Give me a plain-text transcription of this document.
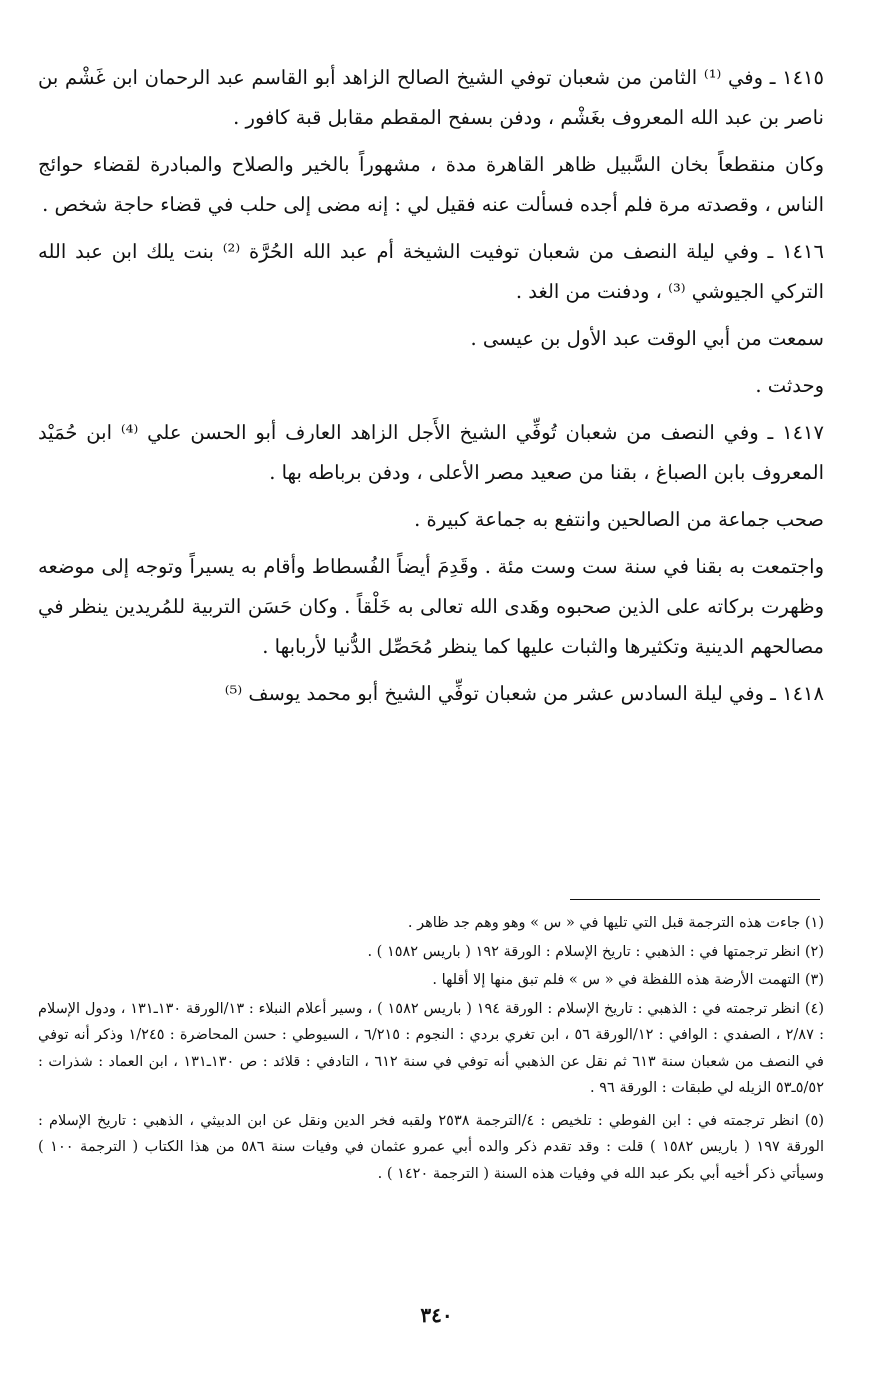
١٤١٥ ـ وفي ⁽¹⁾ الثامن من شعبان توفي الشيخ الصالح الزاهد أبو القاسم عبد الرحمان ابن غَشْم بن ناصر بن عبد الله المعروف بغَشْم ، ودفن بسفح المقطم مقابل قبة كافور .

وكان منقطعاً بخان السَّبيل ظاهر القاهرة مدة ، مشهوراً بالخير والصلاح والمبادرة لقضاء حوائج الناس ، وقصدته مرة فلم أجده فسألت عنه فقيل لي : إنه مضى إلى حلب في قضاء حاجة شخص .

١٤١٦ ـ وفي ليلة النصف من شعبان توفيت الشيخة أم عبد الله الحُرَّة ⁽²⁾ بنت يلك ابن عبد الله التركي الجيوشي ⁽³⁾ ، ودفنت من الغد .

سمعت من أبي الوقت عبد الأول بن عيسى .

وحدثت .

١٤١٧ ـ وفي النصف من شعبان تُوفِّي الشيخ الأَجل الزاهد العارف أبو الحسن علي ⁽⁴⁾ ابن حُمَيْد المعروف بابن الصباغ ، بقنا من صعيد مصر الأعلى ، ودفن برباطه بها .

صحب جماعة من الصالحين وانتفع به جماعة كبيرة .

واجتمعت به بقنا في سنة ست وست مئة . وقَدِمَ أيضاً الفُسطاط وأقام به يسيراً وتوجه إلى موضعه وظهرت بركاته على الذين صحبوه وهَدى الله تعالى به خَلْقاً . وكان حَسَن التربية للمُريدين ينظر في مصالحهم الدينية وتكثيرها والثبات عليها كما ينظر مُحَصِّل الدُّنيا لأربابها .

١٤١٨ ـ وفي ليلة السادس عشر من شعبان توفِّي الشيخ أبو محمد يوسف ⁽⁵⁾

(١) جاءت هذه الترجمة قبل التي تليها في « س » وهو وهم جد ظاهر .

(٢) انظر ترجمتها في : الذهبي : تاريخ الإسلام : الورقة ١٩٢ ( باريس ١٥٨٢ ) .

(٣) التهمت الأرضة هذه اللفظة في « س » فلم تبق منها إلا أقلها .

(٤) انظر ترجمته في : الذهبي : تاريخ الإسلام : الورقة ١٩٤ ( باريس ١٥٨٢ ) ، وسير أعلام النبلاء : ١٣/الورقة ١٣٠ـ١٣١ ، ودول الإسلام : ٢/٨٧ ، الصفدي : الوافي : ١٢/الورقة ٥٦ ، ابن تغري بردي : النجوم : ٦/٢١٥ ، السيوطي : حسن المحاضرة : ١/٢٤٥ وذكر أنه توفي في النصف من شعبان سنة ٦١٣ ثم نقل عن الذهبي أنه توفي في سنة ٦١٢ ، التادفي : قلائد : ص ١٣٠ـ١٣١ ، ابن العماد : شذرات : ٥/٥٢ـ٥٣ الزيله لي طبقات : الورقة ٩٦ .

(٥) انظر ترجمته في : ابن الفوطي : تلخيص : ٤/الترجمة ٢٥٣٨ ولقبه فخر الدين ونقل عن ابن الدبيثي ، الذهبي : تاريخ الإسلام : الورقة ١٩٧ ( باريس ١٥٨٢ ) قلت : وقد تقدم ذكر والده أبي عمرو عثمان في وفيات سنة ٥٨٦ من هذا الكتاب ( الترجمة ١٠٠ ) وسيأتي ذكر أخيه أبي بكر عبد الله في وفيات هذه السنة ( الترجمة ١٤٢٠ ) .

٣٤٠
